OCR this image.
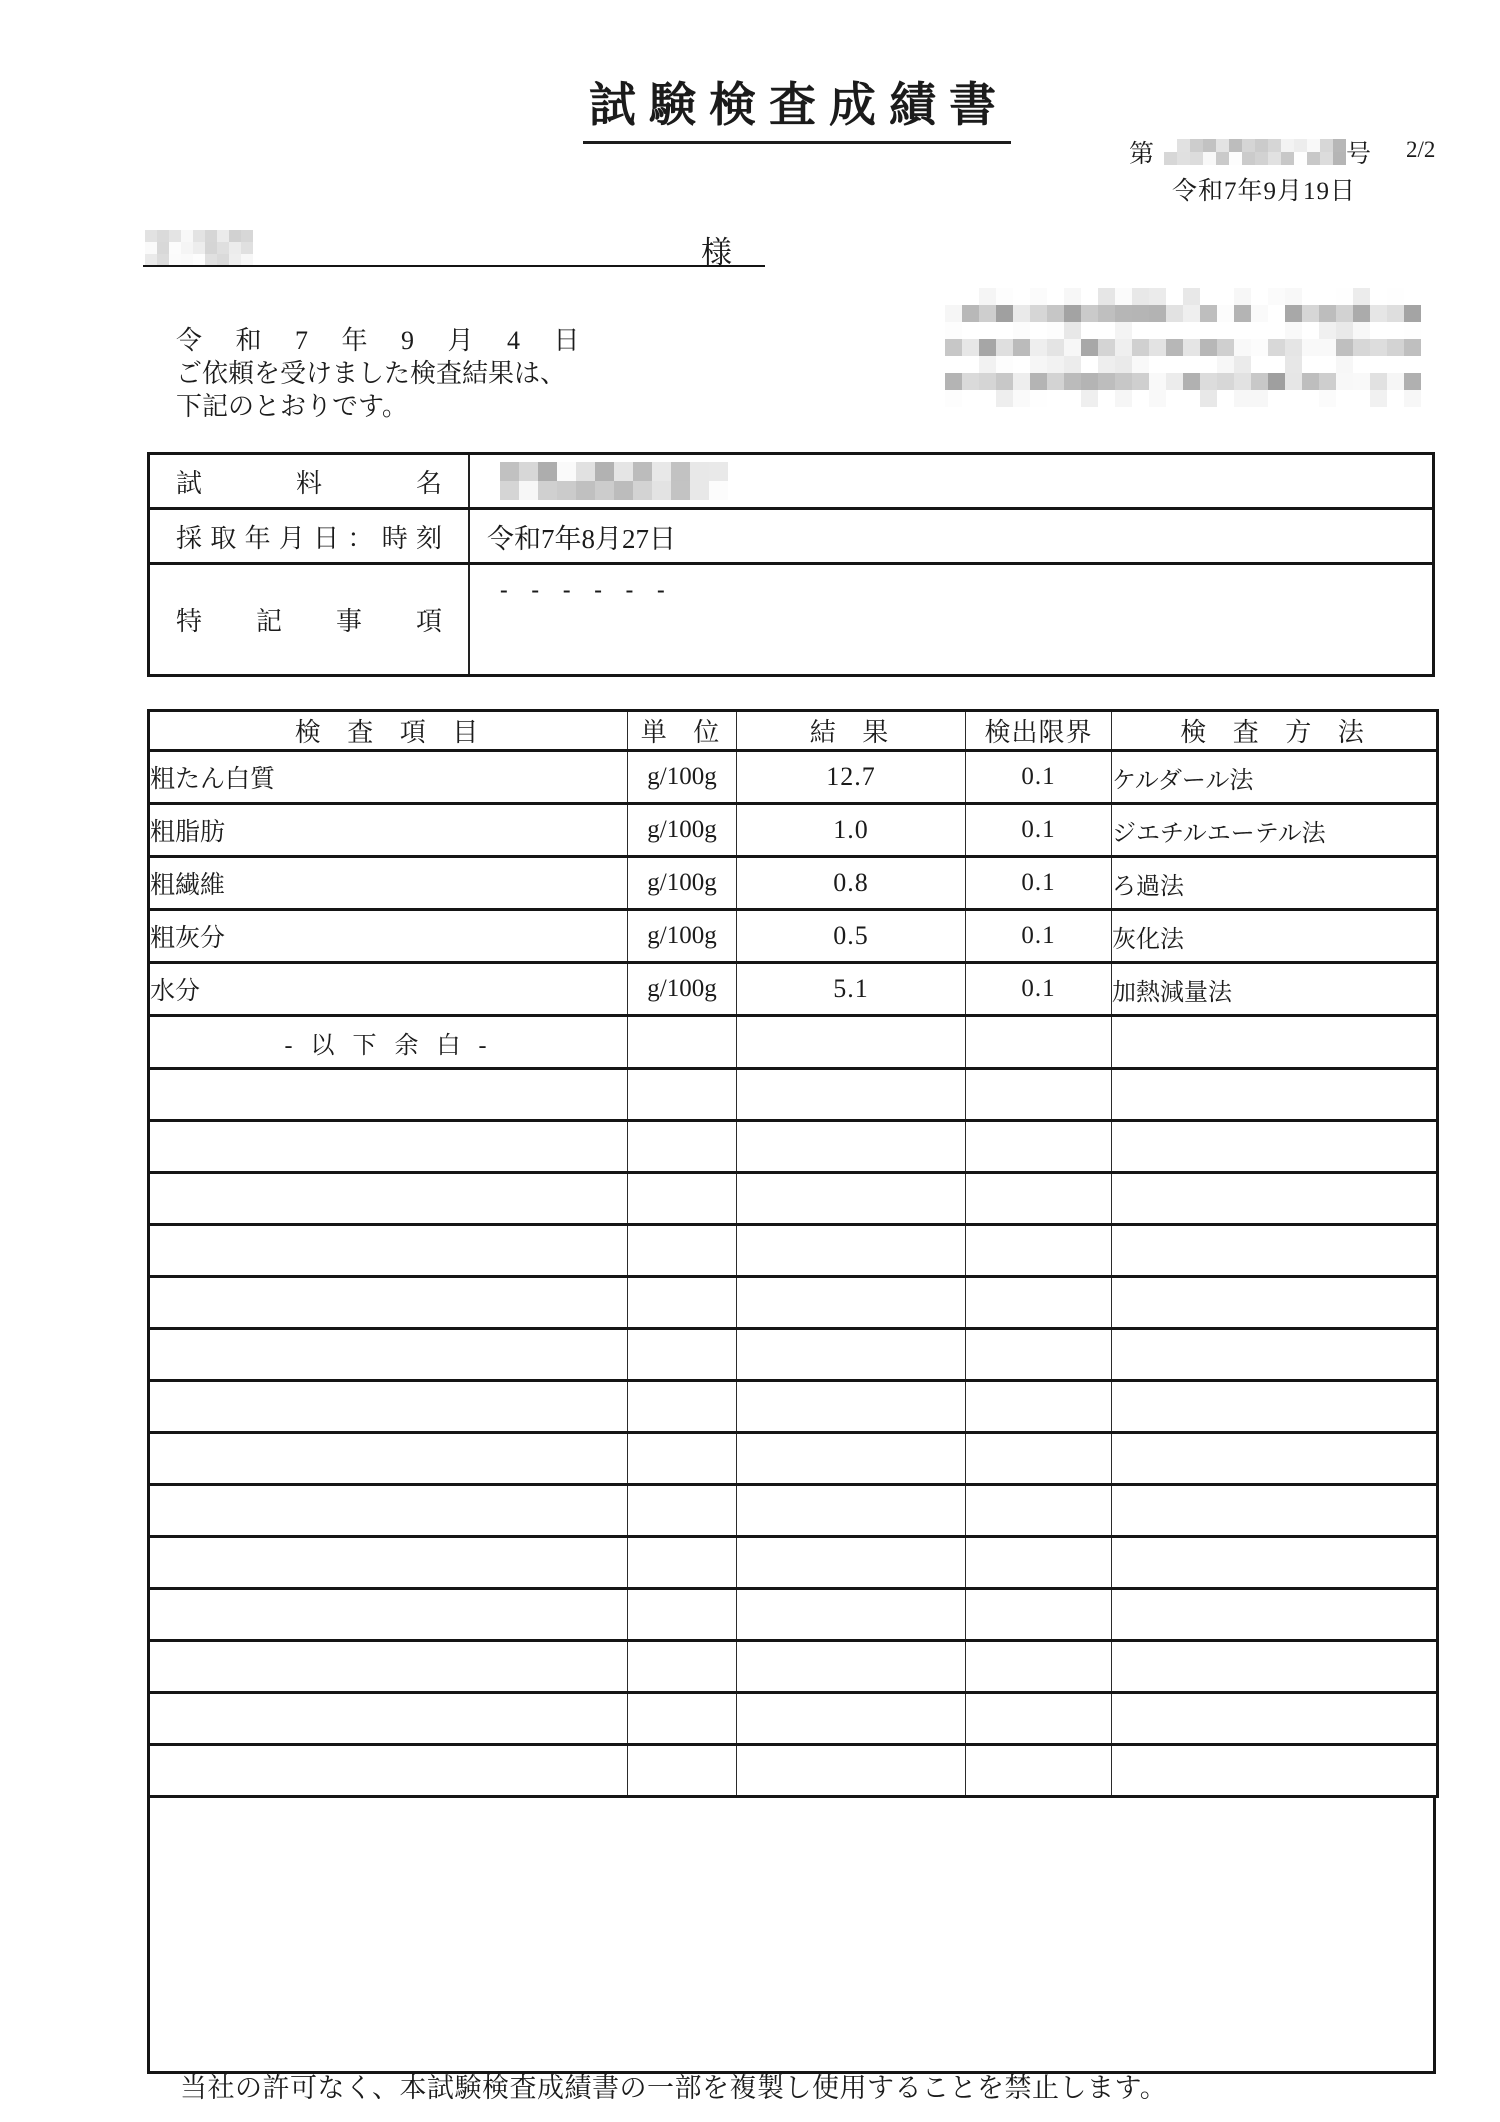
試験検査成績書
第	号 2/2
令和7年9月19日
様
令 和 7 年 9 月 4 日
ご依頼を受けました検査結果は、
下記のとおりです。
試 料 名
採 取 年 月 日 ： 時 刻	令和7年8月27日
特 記 事 項
- - - - - -
検 査 項 目	単 位	結 果	検出限界	検 査 方 法
粗たん白質	g/100g	12.7	0.1	ケルダール法
粗脂肪	g/100g	1.0	0.1	ジエチルエーテル法
粗繊維	g/100g	0.8	0.1	ろ過法
粗灰分	g/100g	0.5	0.1	灰化法
水分	g/100g	5.1	0.1	加熱減量法
- 以 下 余 白 -				

当社の許可なく、本試験検査成績書の一部を複製し使用することを禁止します。
